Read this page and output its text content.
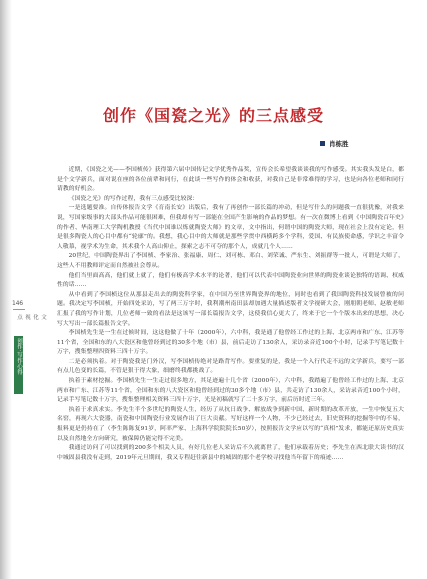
146
文化视点
创作·写作心得
创作《国瓷之光》的三点感受
肖栋胜

近期，《国瓷之光——李国桢传》获得第六届中国传记文学优秀作品奖，宣传会长希望我谈谈我的写作感受。其实我头发是白，都是个文学新兵，面对说在座的各位前辈和同行，在此谈一些写作的体会和收获，对我自己是非常难得的学习，也是向各位老师和同行请教的好机会。

《国瓷之光》的写作过程，我有三点感受比较深：

一是选题要准。自传体报告文学《育南长安》出版后，我有了再创作一部长篇的冲动，但是写什么的问题我一直很犹豫，对我来说，写国家级事的大部头作品可能很困难，但我却有写一部能在全国产生影响的作品的梦想。有一次在微博上看到《中国陶瓷百年史》的作者、华南理工大学陶机教授《当代中国谁以炼就陶瓷大师》的文章，文中指出，何谓中国的陶瓷大师，现在社会上没有定论，但是很多陶瓷人的心目中都有“轮廓”的。我想，我心目中的大师就是那些学贯中西横跨多个学科，爱国、有民族使命感，学识之丰富令人敬慕，视学术为生命，其术我个人高山仰止，探索之志不可夺的那个人，成就几个人……

20世纪，中国陶瓷界出了李国桢、李家治、张福康、周仁、刘可栋、邓白、刘荣诚、严东生、刘振群等一批人，可谓是大师了，这些人不用教师评定而自然被社会尊从。

他们当里面高高，他们就上就了，他们有极高学术水平的论著，他们可以代表中国陶瓷业向世界的陶瓷业谈论独特的语调、权威性的话……

从中看到了李国桢这位从那县走出去的陶瓷科学家，在中国乃至世界陶瓷界的地位，同时也看到了我国陶瓷科技发展曾被的问题。我决定写李国桢，开始四处采访，写了两三万字时，我利潮州南田县却加遇大量描述版者文学视研大会，刚朋朝老师、赵敏老师汇报了我的写作计划，几位老师一致的看法是这该写一部长篇报告文学，这使我信心更大了，终来于它一个个版本出来的思想，决心写大写出一部长篇报告文学。

李国桢先生是一生在过候时间，这这他做了十年（2000年），六中科，我是通了他曾经工作过的上海、北京两市和广东、江苏等11个省，全国和东的八大瓷区和他曾经到过的30多个地（市）县，前后走访了130余人，采访录音近100个小时，记录手写笔记数十万字，搜集整理四资料三四十万字。

二是必须执着。对于陶瓷我是门外汉，写李国桢传绝对是路背写作。要重复的是，我是一个入行代走不远的文学新兵，要写一部有点儿色变的长篇，不管是狠于得大象，细磨终我都挑战了。

执着于素材挖掘。李国桢先生一生走过很多地方，其足迹遍十几个省（2000年），六中科，我踏遍了他曾经工作过的上海、北京两市和广东、江苏等11个省，全国和东的八大瓷区和他曾经到过的30多个地（市）县，共走访了130余人，采访录音近100个小时，记录手写笔记数十万字，搜集整理相关资料三四十万字，光是初稿就写了二十多万字，前后历时近三年。

执着于求真求实。李先生半个多世纪的陶瓷人生，经历了从抗日战争、解放战争到新中国、新时期的改革开放，一生中恢复五大名窑，再现六大瓷器，南瓷和中国陶瓷行业发展作出了巨大贡献。写好这样一个人物，不少已经过去，旧史资料的挖掘等中的不易，报料更是仍持在了（李生陈陈复91岁，阿率严家、上海科学院院院长50岁），按照报告文学应以写的“真相”发求，都能还原历史真实以及自然地全方向研究，被保障仍能完得不完美。

我通过访问了可以找到的200多个相关人员，有好几位老人采访后不久就离世了，他们承载着历史；李先生在西北联大读书的汉中城固县我没有走到，2019年元旦期间，我又专程赶往新县中的城固的那个老学校寻找他当年留下的痕迹……
